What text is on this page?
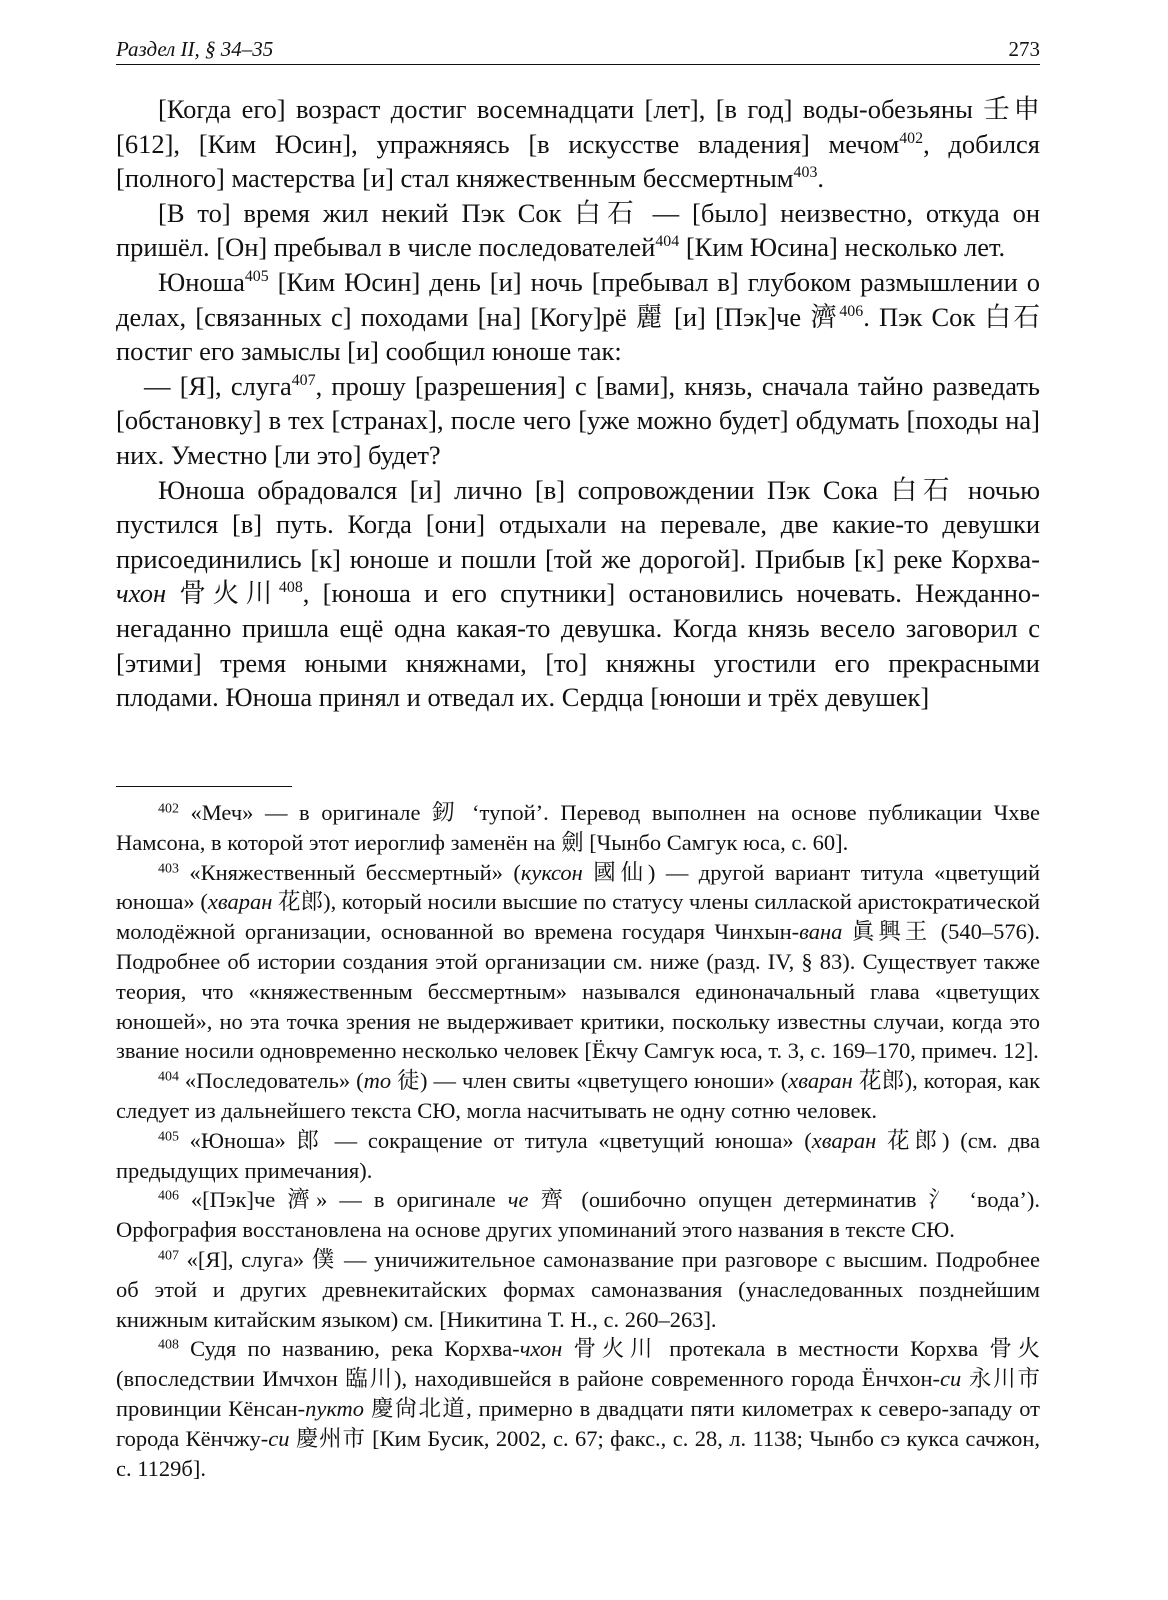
Раздел II, § 34–35	273

[Когда его] возраст достиг восемнадцати [лет], [в год] воды-обезьяны 壬申 [612], [Ким Юсин], упражняясь [в искусстве владения] мечом$^{402}$, добился [полного] мастерства [и] стал княжественным бессмертным$^{403}$.

[В то] время жил некий Пэк Сок 白石 — [было] неизвестно, откуда он пришёл. [Он] пребывал в числе последователей$^{404}$ [Ким Юсина] несколько лет.

Юноша$^{405}$ [Ким Юсин] день [и] ночь [пребывал в] глубоком размышлении о делах, [связанных с] походами [на] [Когу]рё 麗 [и] [Пэк]че 濟$^{406}$. Пэк Сок 白石 постиг его замыслы [и] сообщил юноше так:

— [Я], слуга$^{407}$, прошу [разрешения] с [вами], князь, сначала тайно разведать [обстановку] в тех [странах], после чего [уже можно будет] обдумать [походы на] них. Уместно [ли это] будет?

Юноша обрадовался [и] лично [в] сопровождении Пэк Сока 白石 ночью пустился [в] путь. Когда [они] отдыхали на перевале, две какие-то девушки присоединились [к] юноше и пошли [той же дорогой]. Прибыв [к] реке Корхва-чхон 骨火川$^{408}$, [юноша и его спутники] остановились ночевать. Нежданно-негаданно пришла ещё одна какая-то девушка. Когда князь весело заговорил с [этими] тремя юными княжнами, [то] княжны угостили его прекрасными плодами. Юноша принял и отведал их. Сердца [юноши и трёх девушек]

$^{402}$ «Меч» — в оригинале 釰 ‘тупой’. Перевод выполнен на основе публикации Чхве Намсона, в которой этот иероглиф заменён на 劍 [Чынбо Самгук юса, с. 60].

$^{403}$ «Княжественный бессмертный» (куксон 國仙) — другой вариант титула «цветущий юноша» (хваран 花郎), который носили высшие по статусу члены силлаской аристократической молодёжной организации, основанной во времена государя Чинхын-вана 眞興王 (540–576). Подробнее об истории создания этой организации см. ниже (разд. IV, § 83). Существует также теория, что «княжественным бессмертным» назывался единоначальный глава «цветущих юношей», но эта точка зрения не выдерживает критики, поскольку известны случаи, когда это звание носили одновременно несколько человек [Ёкчу Самгук юса, т. 3, с. 169–170, примеч. 12].

$^{404}$ «Последователь» (то 徒) — член свиты «цветущего юноши» (хваран 花郎), которая, как следует из дальнейшего текста СЮ, могла насчитывать не одну сотню человек.

$^{405}$ «Юноша» 郎 — сокращение от титула «цветущий юноша» (хваран 花郎) (см. два предыдущих примечания).

$^{406}$ «[Пэк]че 濟» — в оригинале че 齊 (ошибочно опущен детерминатив 氵 ‘вода’). Орфография восстановлена на основе других упоминаний этого названия в тексте СЮ.

$^{407}$ «[Я], слуга» 僕 — уничижительное самоназвание при разговоре с высшим. Подробнее об этой и других древнекитайских формах самоназвания (унаследованных позднейшим книжным китайским языком) см. [Никитина Т. Н., с. 260–263].

$^{408}$ Судя по названию, река Корхва-чхон 骨火川 протекала в местности Корхва 骨火 (впоследствии Имчхон 臨川), находившейся в районе современного города Ёнчхон-си 永川市 провинции Кёнсан-пукто 慶尙北道, примерно в двадцати пяти километрах к северо-западу от города Кёнчжу-си 慶州市 [Ким Бусик, 2002, с. 67; факс., с. 28, л. 1138; Чынбо сэ кукса сачжон, с. 1129б].
